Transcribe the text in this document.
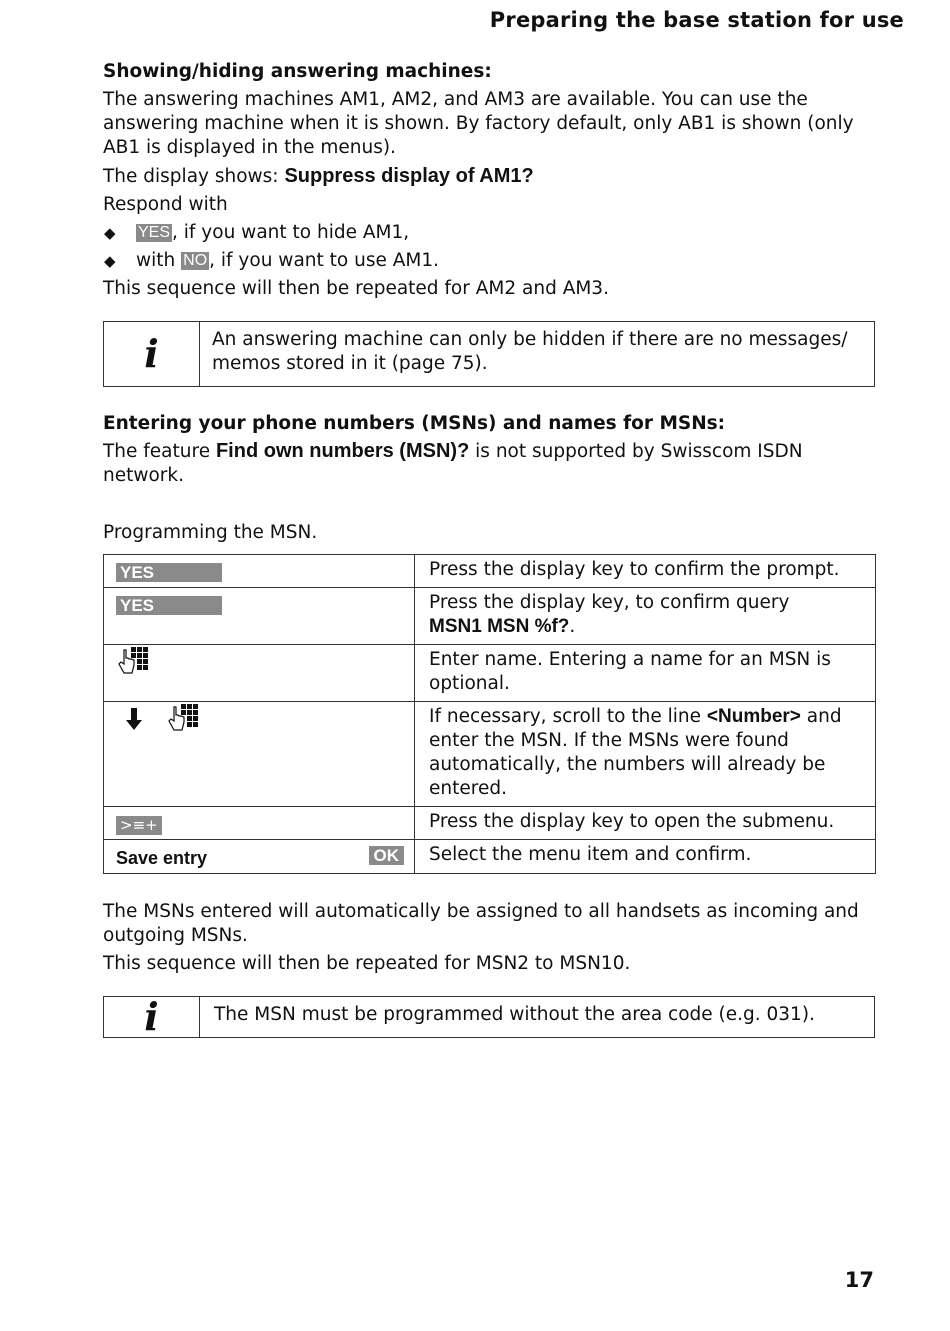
Preparing the base station for use

Showing/hiding answering machines:

The answering machines AM1, AM2, and AM3 are available. You can use the answering machine when it is shown. By factory default, only AB1 is shown (only AB1 is displayed in the menus).

The display shows: Suppress display of AM1?

Respond with

◆	YES , if you want to hide AM1,
◆	with NO , if you want to use AM1.

This sequence will then be repeated for AM2 and AM3.

i	An answering machine can only be hidden if there are no messages/ memos stored in it (page 75).

Entering your phone numbers (MSNs) and names for MSNs:

The feature Find own numbers (MSN)? is not supported by Swisscom ISDN network.

Programming the MSN.

YES	Press the display key to confirm the prompt.
YES	Press the display key, to confirm query
MSN1 MSN %f?.
	Enter name. Entering a name for an MSN is optional.
	If necessary, scroll to the line <Number> and enter the MSN. If the MSNs were found automatically, the numbers will already be entered.
>≡+	Press the display key to open the submenu.
Save entry OK	Select the menu item and confirm.

The MSNs entered will automatically be assigned to all handsets as incoming and outgoing MSNs.

This sequence will then be repeated for MSN2 to MSN10.

i	The MSN must be programmed without the area code (e.g. 031).
17
